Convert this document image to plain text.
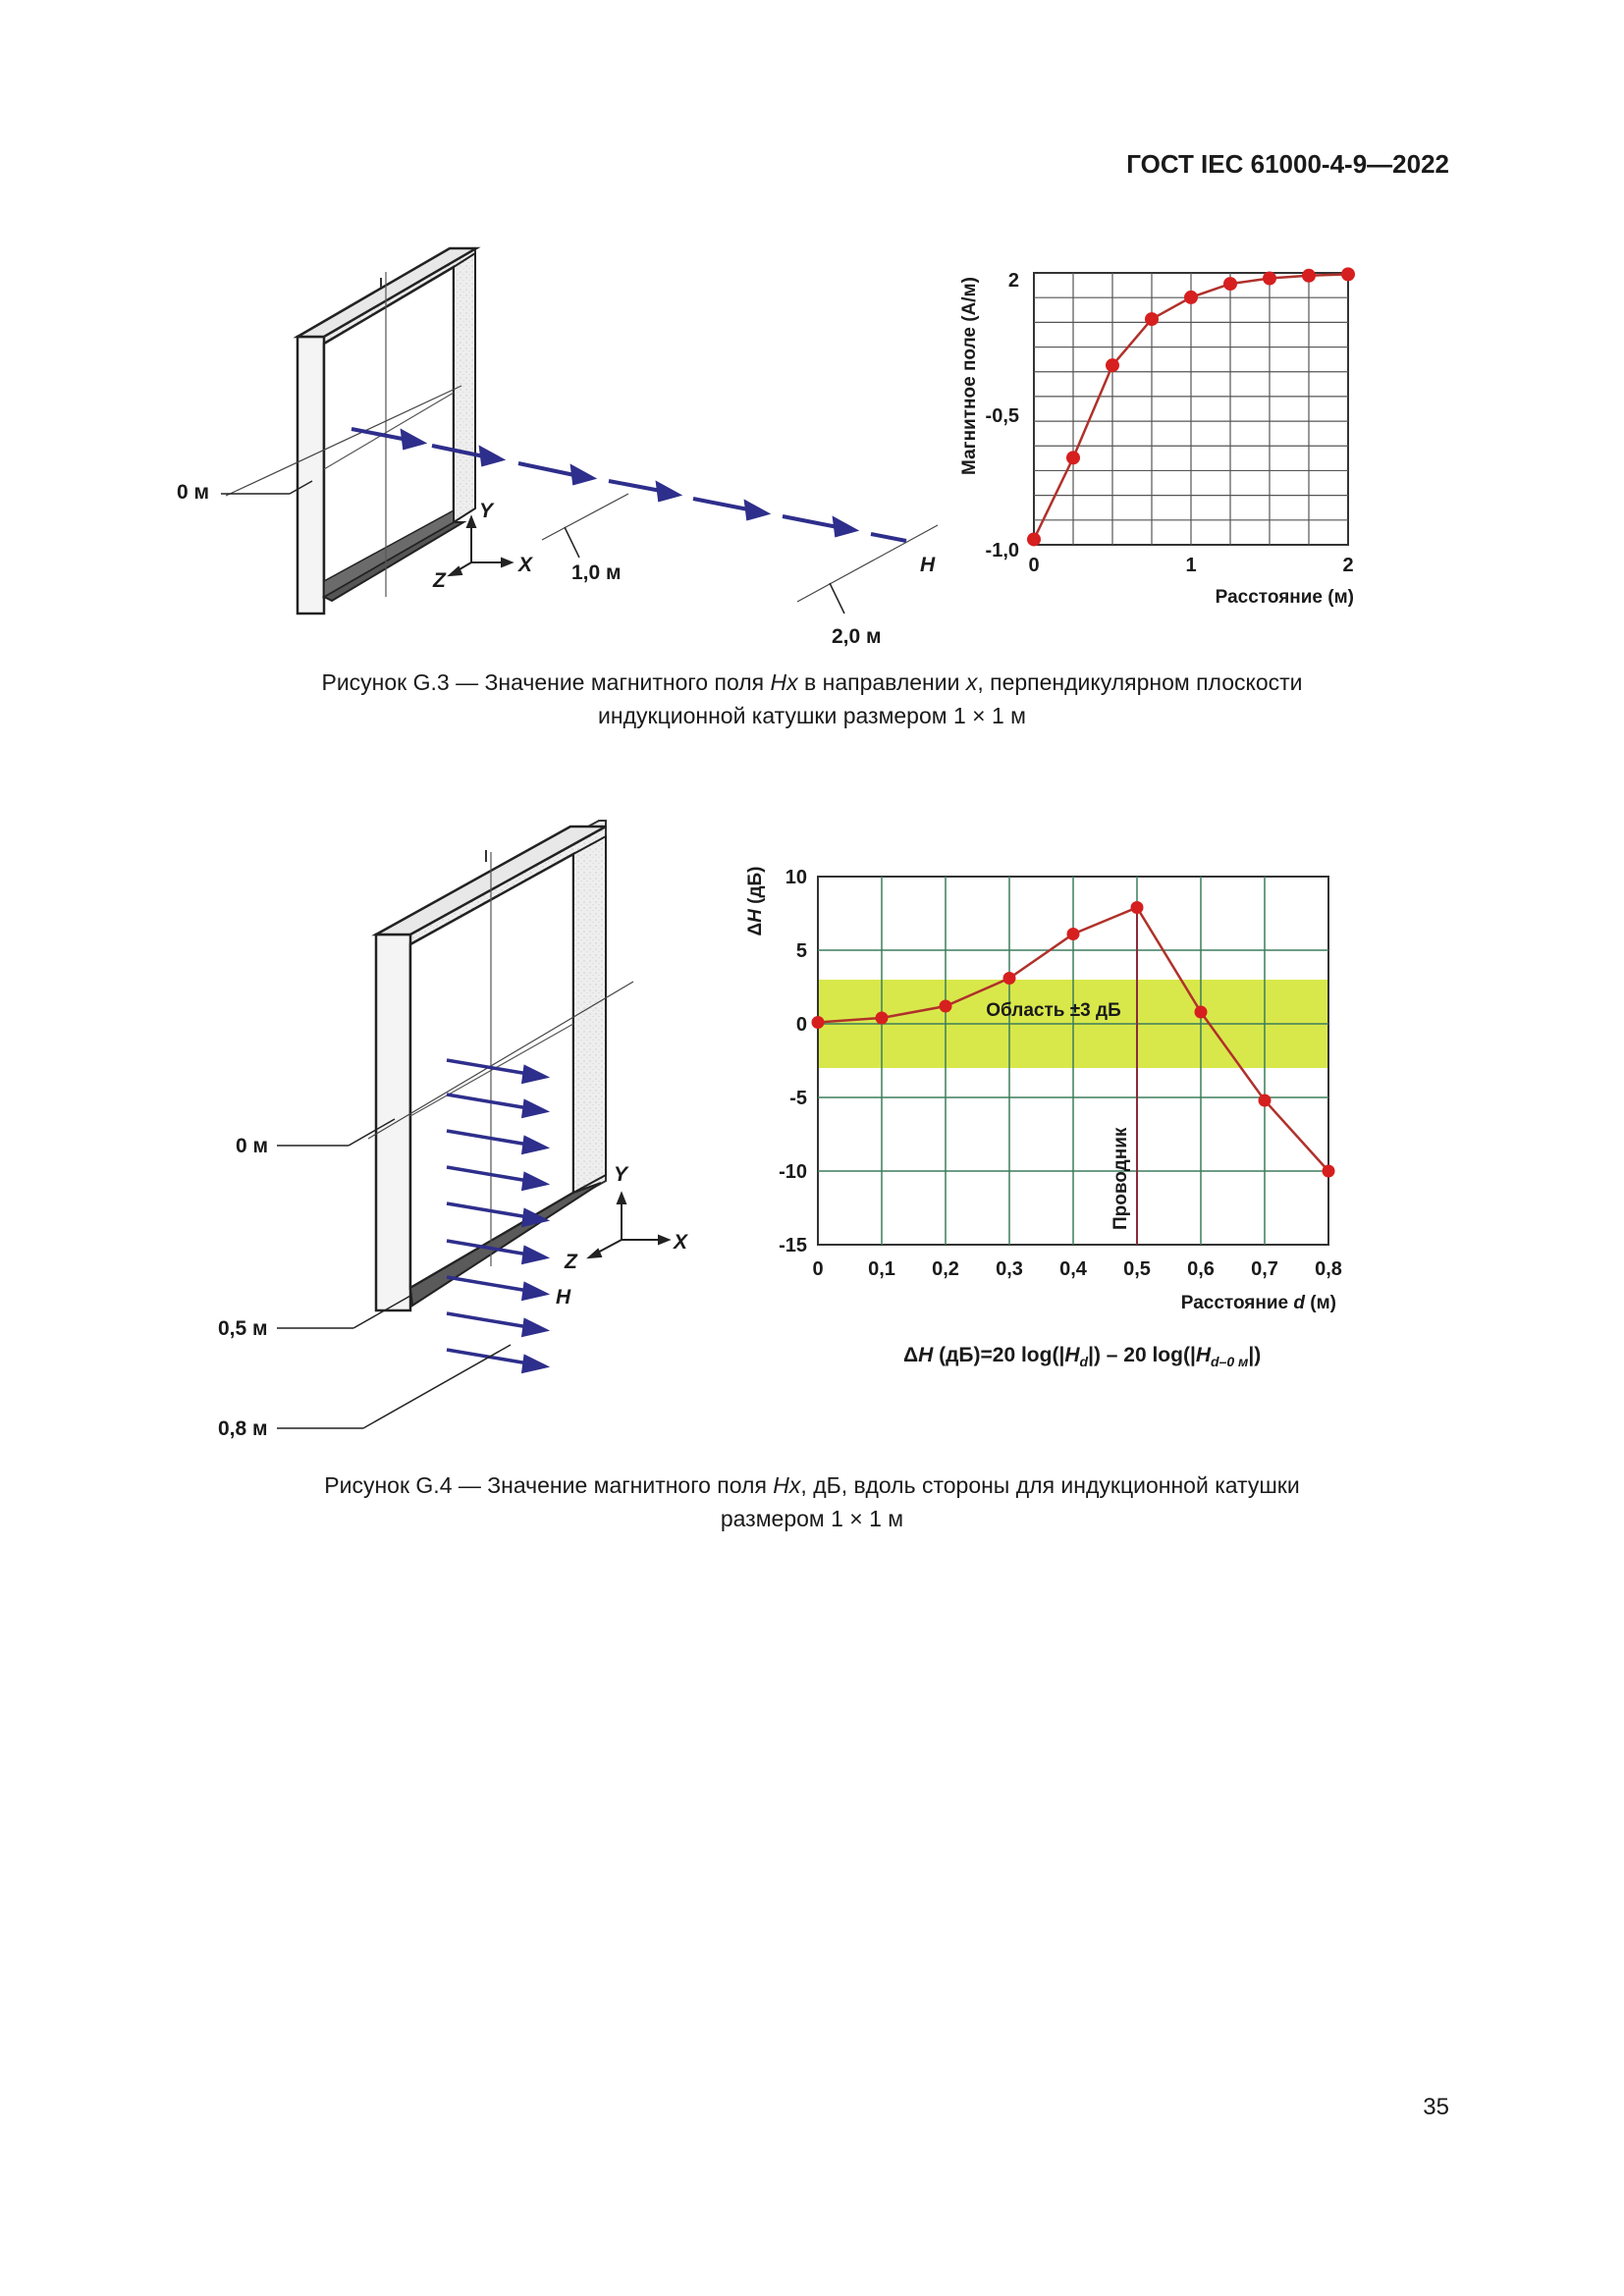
ГОСТ IEC 61000-4-9—2022
0 м
Y
X
Z	1,0 м
2,0 м
H
2
-0,5
-1,0
0	1	2
Расстояние (м)
Магнитное поле (А/м)
0 м
0,5 м
0,8 м
Y
X
Z
H
Проводник
Область ±3 дБ
10
5
0
-5
-10
-15
0 0,1 0,2 0,3 0,4 0,5 0,6 0,7 0,8
Расстояние d (м)
ΔH (дБ)
ΔH (дБ)=20 $\log(|H_d|) - 20$ $\log(|H_{d-0 м}|)$
Рисунок G.3 — Значение магнитного поля Hx в направлении x, перпендикулярном плоскости
индукционной катушки размером 1 × 1 м
Рисунок G.4 — Значение магнитного поля Hx, дБ, вдоль стороны для индукционной катушки
размером 1 × 1 м
35
